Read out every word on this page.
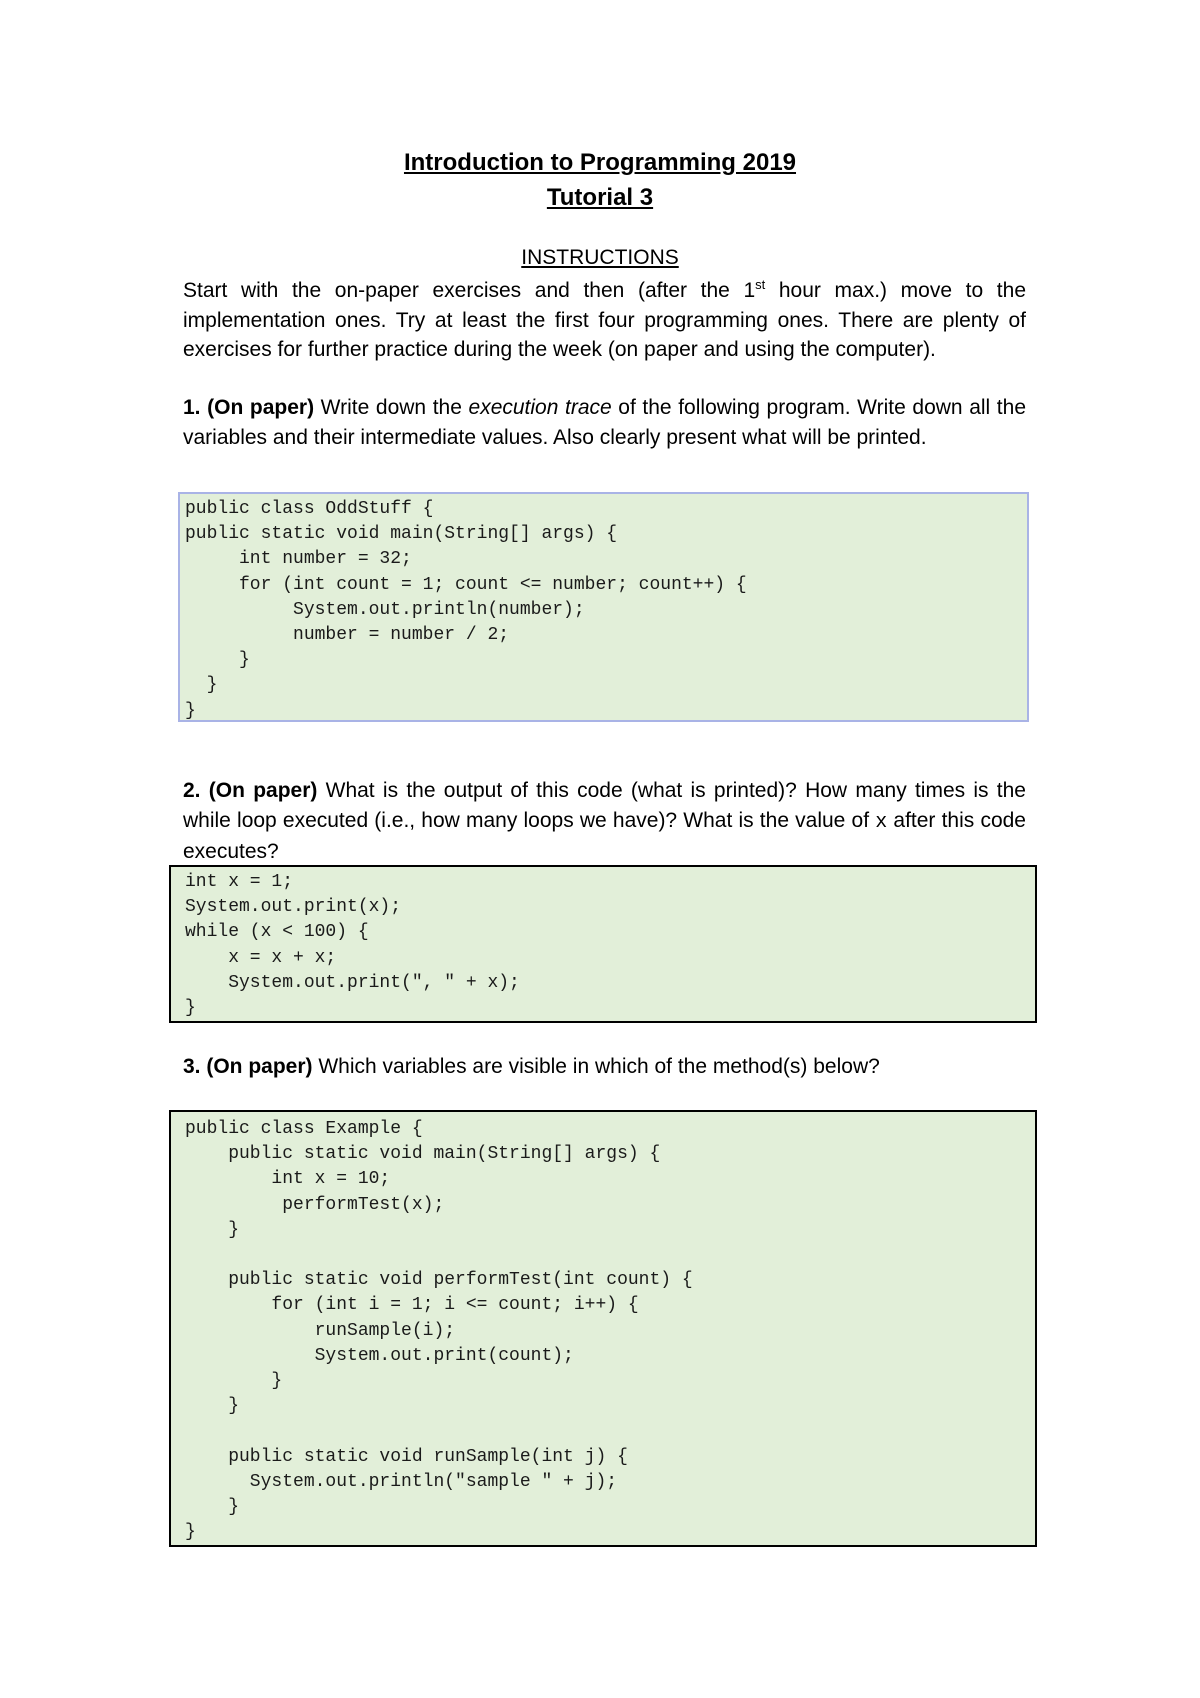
Introduction to Programming 2019
Tutorial 3
INSTRUCTIONS
Start with the on-paper exercises and then (after the 1st hour max.) move to the implementation ones. Try at least the first four programming ones. There are plenty of exercises for further practice during the week (on paper and using the computer).
1. (On paper) Write down the execution trace of the following program. Write down all the variables and their intermediate values. Also clearly present what will be printed.
public class OddStuff {
public static void main(String[] args) {
int number = 32;
for (int count = 1; count <= number; count++) {
System.out.println(number);
number = number / 2;
}
}
}
2. (On paper) What is the output of this code (what is printed)? How many times is the while loop executed (i.e., how many loops we have)? What is the value of x after this code executes?
int x = 1;
System.out.print(x);
while (x < 100) {
x = x + x;
System.out.print(", " + x);
}
3. (On paper) Which variables are visible in which of the method(s) below?
public class Example {
public static void main(String[] args) {
int x = 10;
performTest(x);
}

public static void performTest(int count) {
for (int i = 1; i <= count; i++) {
runSample(i);
System.out.print(count);
}
}

public static void runSample(int j) {
System.out.println("sample " + j);
}
}
